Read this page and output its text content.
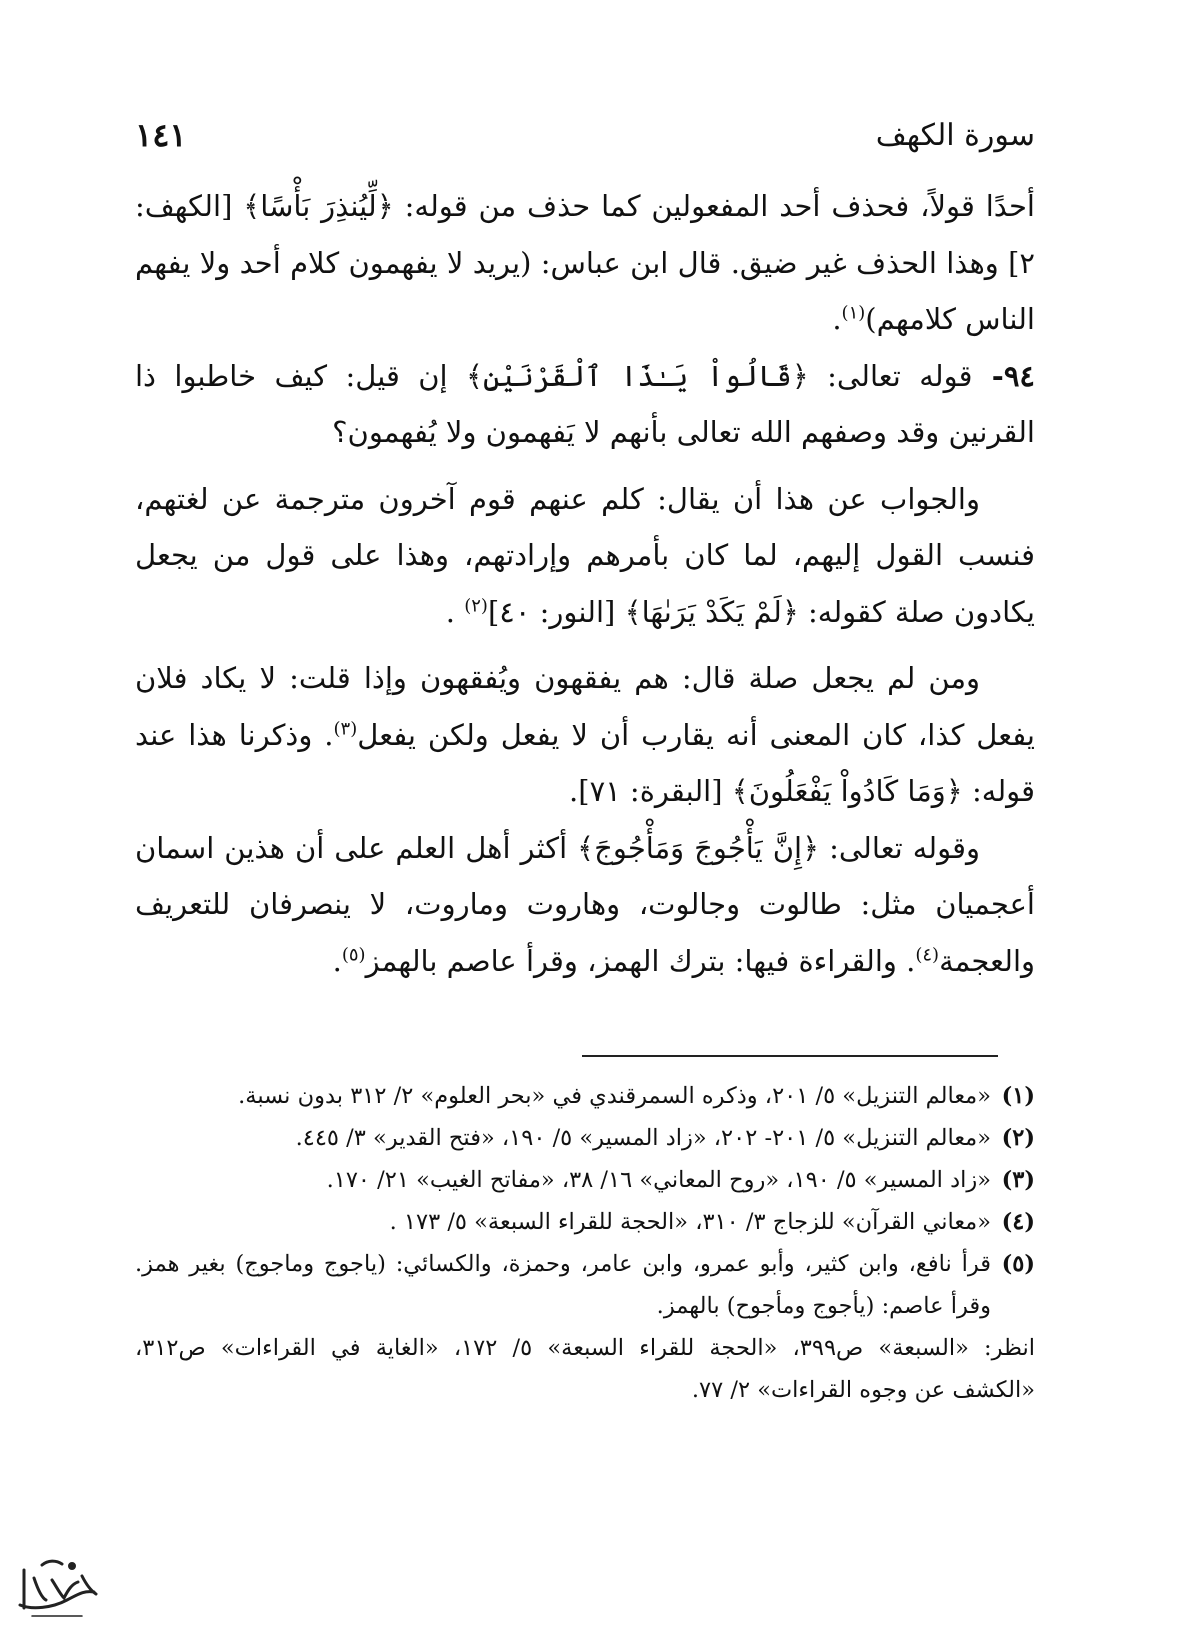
سورة الكهف
١٤١

أحدًا قولاً، فحذف أحد المفعولين كما حذف من قوله: ﴿لِّيُنذِرَ بَأْسًا﴾ [الكهف: ٢] وهذا الحذف غير ضيق. قال ابن عباس: (يريد لا يفهمون كلام أحد ولا يفهم الناس كلامهم)$^{(١)}$.

٩٤- قوله تعالى: ﴿قَالُواْ يَـٰذَا ٱلْقَرْنَيْنِ﴾ إن قيل: كيف خاطبوا ذا القرنين وقد وصفهم الله تعالى بأنهم لا يَفهمون ولا يُفهمون؟

والجواب عن هذا أن يقال: كلم عنهم قوم آخرون مترجمة عن لغتهم، فنسب القول إليهم، لما كان بأمرهم وإرادتهم، وهذا على قول من يجعل يكادون صلة كقوله: ﴿لَمْ يَكَدْ يَرَىٰهَا﴾ [النور: ٤٠]$^{(٢)}$ .

ومن لم يجعل صلة قال: هم يفقهون ويُفقهون وإذا قلت: لا يكاد فلان يفعل كذا، كان المعنى أنه يقارب أن لا يفعل ولكن يفعل$^{(٣)}$. وذكرنا هذا عند قوله: ﴿وَمَا كَادُواْ يَفْعَلُونَ﴾ [البقرة: ٧١].

وقوله تعالى: ﴿إِنَّ يَأْجُوجَ وَمَأْجُوجَ﴾ أكثر أهل العلم على أن هذين اسمان أعجميان مثل: طالوت وجالوت، وهاروت وماروت، لا ينصرفان للتعريف والعجمة$^{(٤)}$. والقراءة فيها: بترك الهمز، وقرأ عاصم بالهمز$^{(٥)}$.

(١)
«معالم التنزيل» ٥/ ٢٠١، وذكره السمرقندي في «بحر العلوم» ٢/ ٣١٢ بدون نسبة.
(٢)
«معالم التنزيل» ٥/ ٢٠١- ٢٠٢، «زاد المسير» ٥/ ١٩٠، «فتح القدير» ٣/ ٤٤٥.
(٣)
«زاد المسير» ٥/ ١٩٠، «روح المعاني» ١٦/ ٣٨، «مفاتح الغيب» ٢١/ ١٧٠.
(٤)
«معاني القرآن» للزجاج ٣/ ٣١٠، «الحجة للقراء السبعة» ٥/ ١٧٣ .
(٥)
قرأ نافع، وابن كثير، وأبو عمرو، وابن عامر، وحمزة، والكسائي: (ياجوج وماجوج) بغير همز. وقرأ عاصم: (يأجوج ومأجوح) بالهمز.
انظر: «السبعة» ص٣٩٩، «الحجة للقراء السبعة» ٥/ ١٧٢، «الغاية في القراءات» ص٣١٢، «الكشف عن وجوه القراءات» ٢/ ٧٧.
